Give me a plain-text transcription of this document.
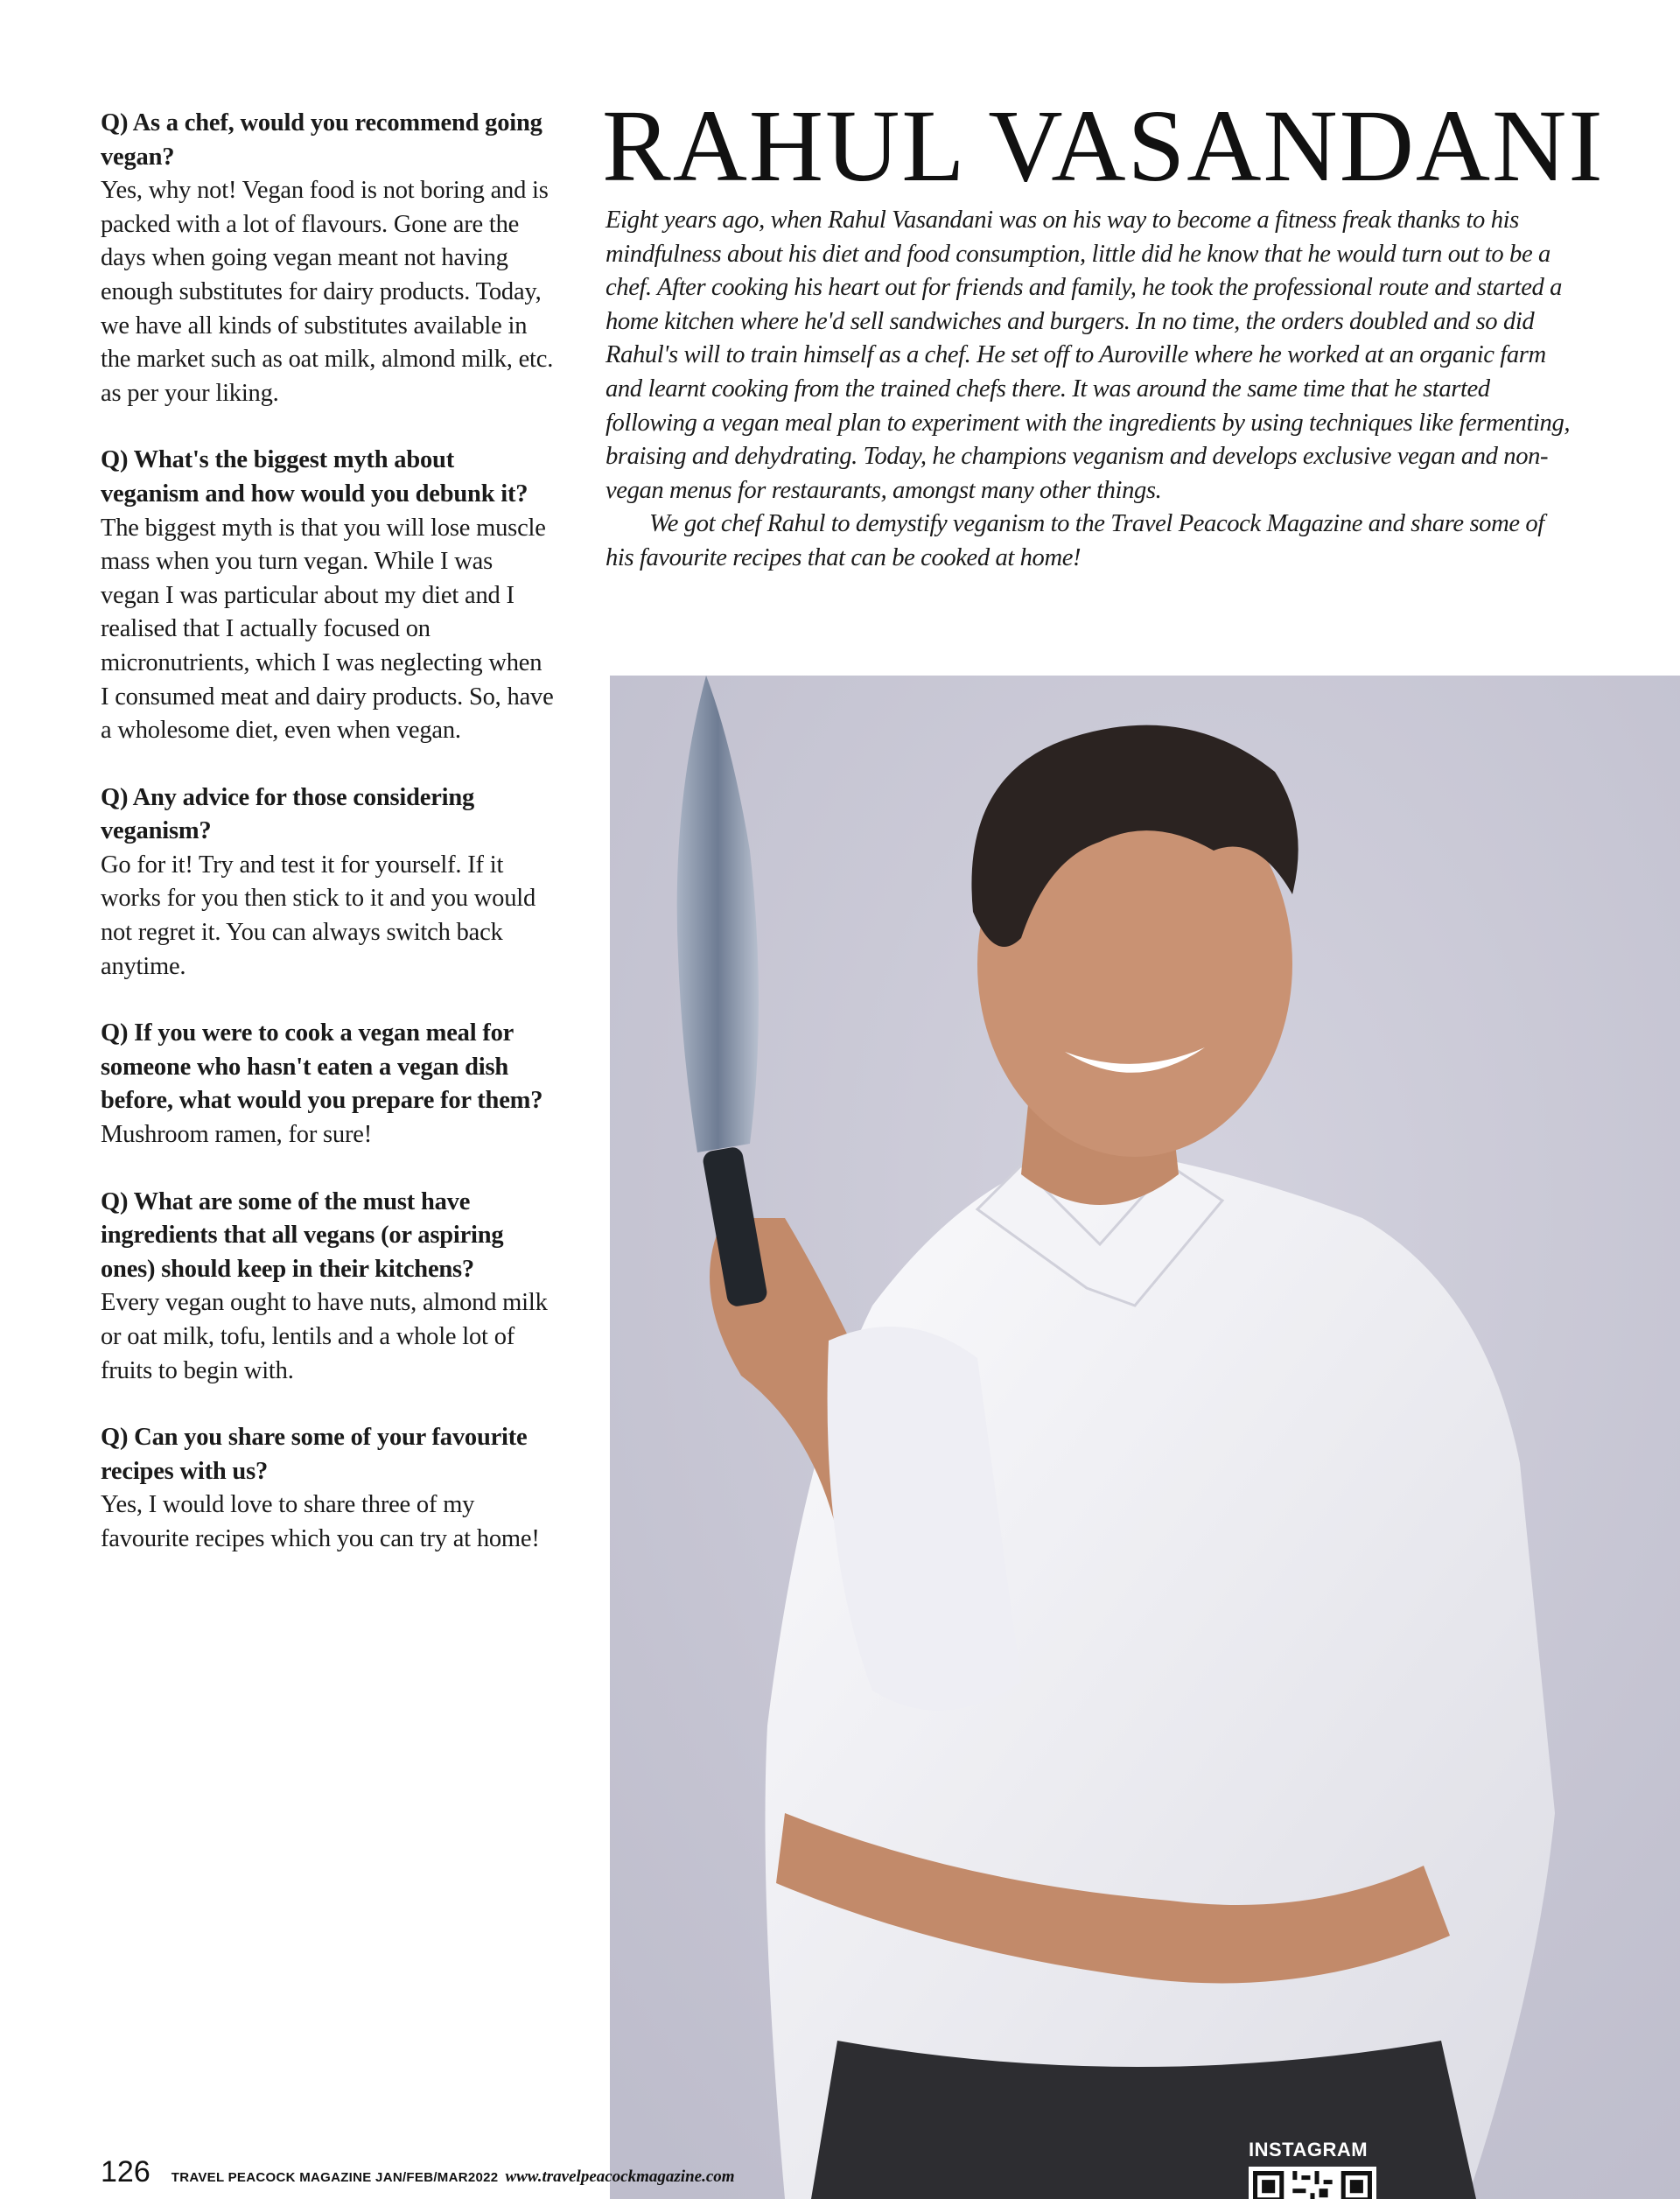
Q) As a chef, would you recommend going vegan?

Yes, why not! Vegan food is not boring and is packed with a lot of flavours. Gone are the days when going vegan meant not having enough substitutes for dairy products. Today, we have all kinds of substitutes available in the market such as oat milk, almond milk, etc. as per your liking.

Q) What's the biggest myth about veganism and how would you debunk it?

The biggest myth is that you will lose muscle mass when you turn vegan. While I was vegan I was particular about my diet and I realised that I actually focused on micronutrients, which I was neglecting when I consumed meat and dairy products. So, have a wholesome diet, even when vegan.

Q) Any advice for those considering veganism?

Go for it! Try and test it for yourself. If it works for you then stick to it and you would not regret it. You can always switch back anytime.

Q) If you were to cook a vegan meal for someone who hasn't eaten a vegan dish before, what would you prepare for them?

Mushroom ramen, for sure!

Q) What are some of the must have ingredients that all vegans (or aspiring ones) should keep in their kitchens?

Every vegan ought to have nuts, almond milk or oat milk, tofu, lentils and a whole lot of fruits to begin with.

Q) Can you share some of your favourite recipes with us?

Yes, I would love to share three of my favourite recipes which you can try at home!

RAHUL VASANDANI

Eight years ago, when Rahul Vasandani was on his way to become a fitness freak thanks to his mindfulness about his diet and food consumption, little did he know that he would turn out to be a chef. After cooking his heart out for friends and family, he took the professional route and started a home kitchen where he'd sell sandwiches and burgers. In no time, the orders doubled and so did Rahul's will to train himself as a chef. He set off to Auroville where he worked at an organic farm and learnt cooking from the trained chefs there. It was around the same time that he started following a vegan meal plan to experiment with the ingredients by using techniques like fermenting, braising and dehydrating. Today, he champions veganism and develops exclusive vegan and non-vegan menus for restaurants, amongst many other things.

We got chef Rahul to demystify veganism to the Travel Peacock Magazine and share some of his favourite recipes that can be cooked at home!

INSTAGRAM
126 TRAVEL PEACOCK MAGAZINE JAN/FEB/MAR2022 www.travelpeacockmagazine.com
